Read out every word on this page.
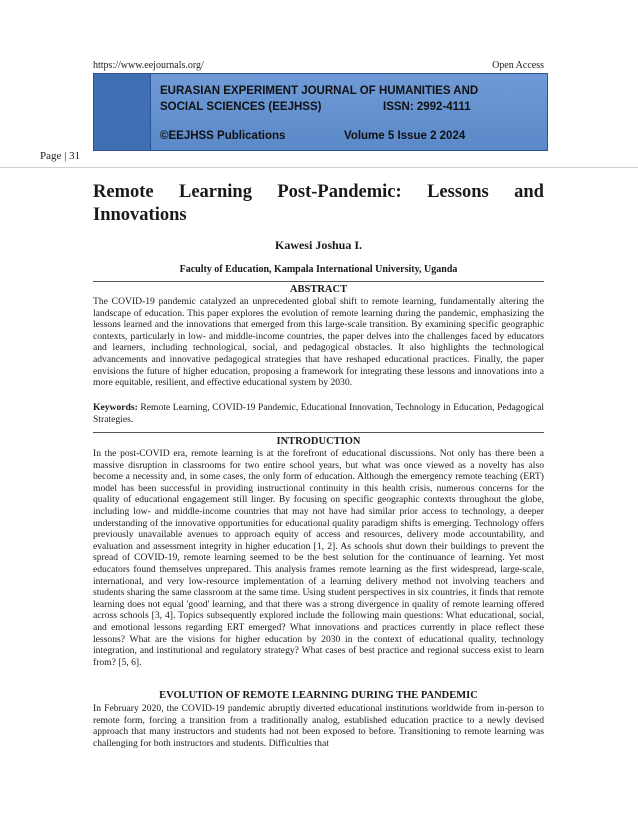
https://www.eejournals.org/	Open Access
EURASIAN EXPERIMENT JOURNAL OF HUMANITIES AND
SOCIAL SCIENCES (EEJHSS)	ISSN: 2992-4111
©EEJHSS Publications	Volume 5 Issue 2 2024
Page | 31
Remote Learning Post-Pandemic: Lessons and
Innovations
Kawesi Joshua I.
Faculty of Education, Kampala International University, Uganda
ABSTRACT
The COVID-19 pandemic catalyzed an unprecedented global shift to remote learning, fundamentally altering the landscape of education. This paper explores the evolution of remote learning during the pandemic, emphasizing the lessons learned and the innovations that emerged from this large-scale transition. By examining specific geographic contexts, particularly in low- and middle-income countries, the paper delves into the challenges faced by educators and learners, including technological, social, and pedagogical obstacles. It also highlights the technological advancements and innovative pedagogical strategies that have reshaped educational practices. Finally, the paper envisions the future of higher education, proposing a framework for integrating these lessons and innovations into a more equitable, resilient, and effective educational system by 2030.
Keywords: Remote Learning, COVID-19 Pandemic, Educational Innovation, Technology in Education, Pedagogical Strategies.
INTRODUCTION
In the post-COVID era, remote learning is at the forefront of educational discussions. Not only has there been a massive disruption in classrooms for two entire school years, but what was once viewed as a novelty has also become a necessity and, in some cases, the only form of education. Although the emergency remote teaching (ERT) model has been successful in providing instructional continuity in this health crisis, numerous concerns for the quality of educational engagement still linger. By focusing on specific geographic contexts throughout the globe, including low- and middle-income countries that may not have had similar prior access to technology, a deeper understanding of the innovative opportunities for educational quality paradigm shifts is emerging. Technology offers previously unavailable avenues to approach equity of access and resources, delivery mode accountability, and evaluation and assessment integrity in higher education [1, 2]. As schools shut down their buildings to prevent the spread of COVID-19, remote learning seemed to be the best solution for the continuance of learning. Yet most educators found themselves unprepared. This analysis frames remote learning as the first widespread, large-scale, international, and very low-resource implementation of a learning delivery method not involving teachers and students sharing the same classroom at the same time. Using student perspectives in six countries, it finds that remote learning does not equal 'good' learning, and that there was a strong divergence in quality of remote learning offered across schools [3, 4]. Topics subsequently explored include the following main questions: What educational, social, and emotional lessons regarding ERT emerged? What innovations and practices currently in place reflect these lessons? What are the visions for higher education by 2030 in the context of educational quality, technology integration, and institutional and regulatory strategy? What cases of best practice and regional success exist to learn from? [5, 6].
EVOLUTION OF REMOTE LEARNING DURING THE PANDEMIC
In February 2020, the COVID-19 pandemic abruptly diverted educational institutions worldwide from in-person to remote form, forcing a transition from a traditionally analog, established education practice to a newly devised approach that many instructors and students had not been exposed to before. Transitioning to remote learning was challenging for both instructors and students. Difficulties that
